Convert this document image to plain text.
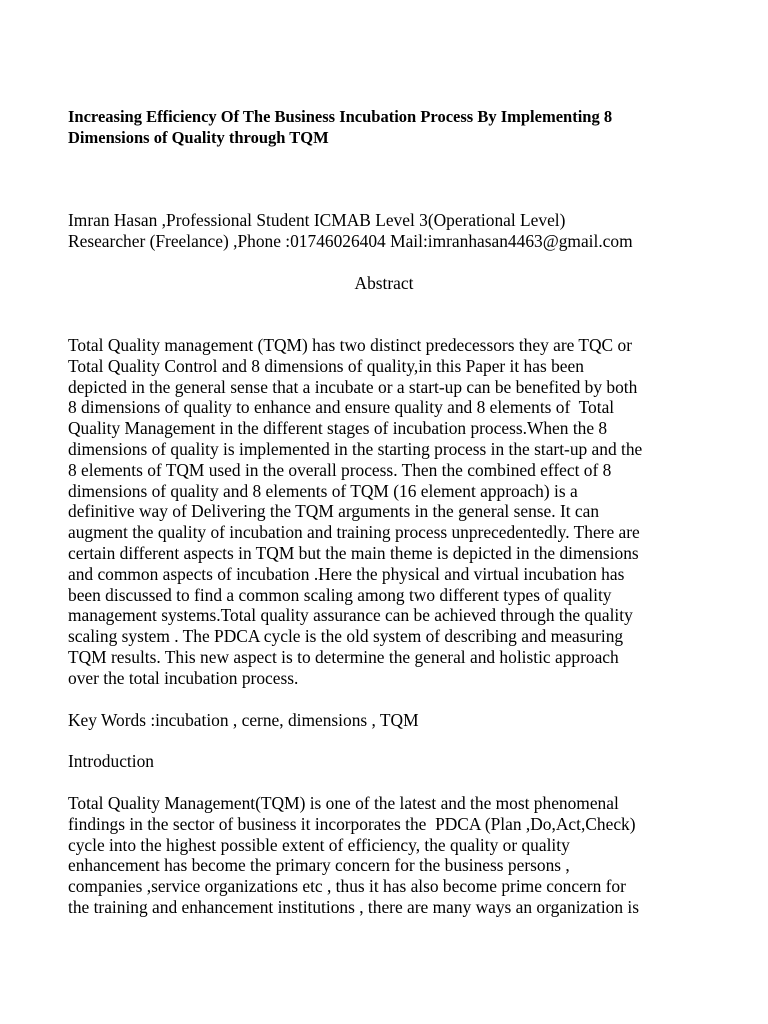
Increasing Efficiency Of The Business Incubation Process By Implementing 8
Dimensions of Quality through TQM

Imran Hasan ,Professional Student ICMAB Level 3(Operational Level)
Researcher (Freelance) ,Phone :01746026404 Mail:imranhasan4463@gmail.com

Abstract

Total Quality management (TQM) has two distinct predecessors they are TQC or
Total Quality Control and 8 dimensions of quality,in this Paper it has been
depicted in the general sense that a incubate or a start-up can be benefited by both
8 dimensions of quality to enhance and ensure quality and 8 elements of  Total
Quality Management in the different stages of incubation process.When the 8
dimensions of quality is implemented in the starting process in the start-up and the
8 elements of TQM used in the overall process. Then the combined effect of 8
dimensions of quality and 8 elements of TQM (16 element approach) is a
definitive way of Delivering the TQM arguments in the general sense. It can
augment the quality of incubation and training process unprecedentedly. There are
certain different aspects in TQM but the main theme is depicted in the dimensions
and common aspects of incubation .Here the physical and virtual incubation has
been discussed to find a common scaling among two different types of quality
management systems.Total quality assurance can be achieved through the quality
scaling system . The PDCA cycle is the old system of describing and measuring
TQM results. This new aspect is to determine the general and holistic approach
over the total incubation process.

Key Words :incubation , cerne, dimensions , TQM

Introduction

Total Quality Management(TQM) is one of the latest and the most phenomenal
findings in the sector of business it incorporates the  PDCA (Plan ,Do,Act,Check)
cycle into the highest possible extent of efficiency, the quality or quality
enhancement has become the primary concern for the business persons ,
companies ,service organizations etc , thus it has also become prime concern for
the training and enhancement institutions , there are many ways an organization is
